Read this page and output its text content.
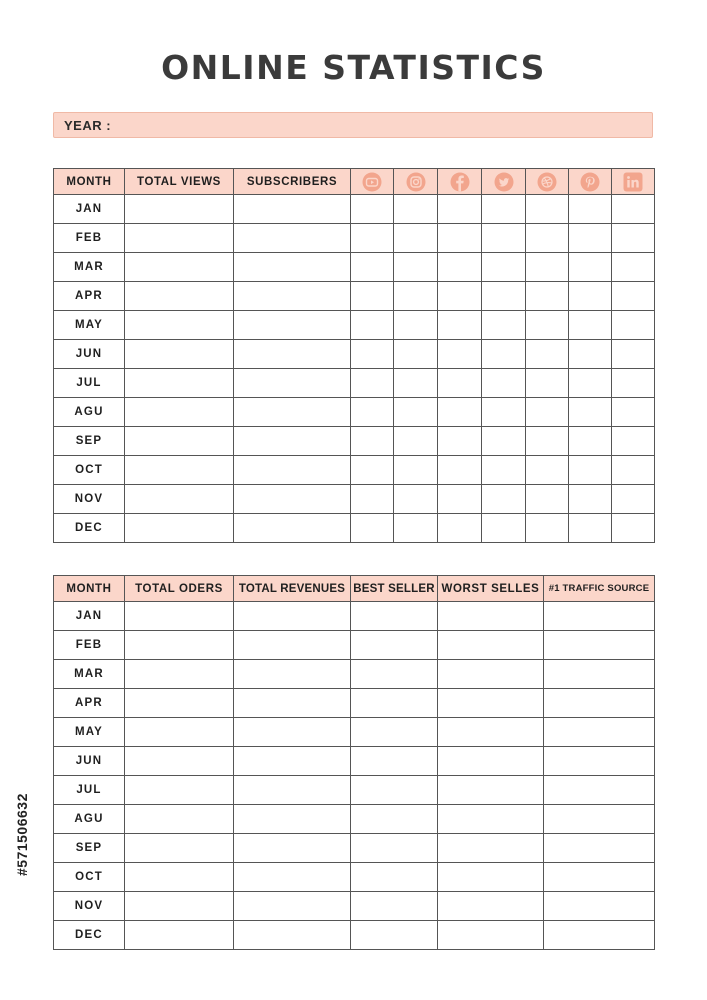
ONLINE STATISTICS
YEAR :
MONTH	TOTAL VIEWS	SUBSCRIBERS	

JAN									
FEB									
MAR									
APR									
MAY									
JUN									
JUL									
AGU									
SEP									
OCT									
NOV									
DEC									
MONTH	TOTAL ODERS	TOTAL REVENUES	BEST SELLER	WORST SELLES	#1 TRAFFIC SOURCE
JAN					
FEB					
MAR					
APR					
MAY					
JUN					
JUL					
AGU					
SEP					
OCT					
NOV					
DEC					
#571506632
